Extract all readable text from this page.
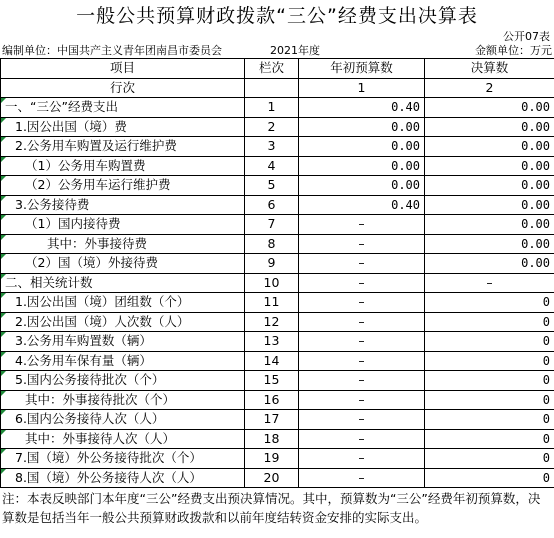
一般公共预算财政拨款“三公”经费支出决算表
公开07表
编制单位：中国共产主义青年团南昌市委员会	2021年度	金额单位：万元
项目	栏次	年初预算数	决算数
行次		1	2
一、“三公”经费支出	1	0.40	0.00
1.因公出国（境）费	2	0.00	0.00
2.公务用车购置及运行维护费	3	0.00	0.00
（1）公务用车购置费	4	0.00	0.00
（2）公务用车运行维护费	5	0.00	0.00
3.公务接待费	6	0.40	0.00
（1）国内接待费	7	–	0.00
其中：外事接待费	8	–	0.00
（2）国（境）外接待费	9	–	0.00
二、相关统计数	10	–	–
1.因公出国（境）团组数（个）	11	–	0
2.因公出国（境）人次数（人）	12	–	0
3.公务用车购置数（辆）	13	–	0
4.公务用车保有量（辆）	14	–	0
5.国内公务接待批次（个）	15	–	0
其中：外事接待批次（个）	16	–	0
6.国内公务接待人次（人）	17	–	0
其中：外事接待人次（人）	18	–	0
7.国（境）外公务接待批次（个）	19	–	0
8.国（境）外公务接待人次（人）	20	–	0
注：本表反映部门本年度“三公”经费支出预决算情况。其中，预算数为“三公”经费年初预算数，决算数是包括当年一般公共预算财政拨款和以前年度结转资金安排的实际支出。
